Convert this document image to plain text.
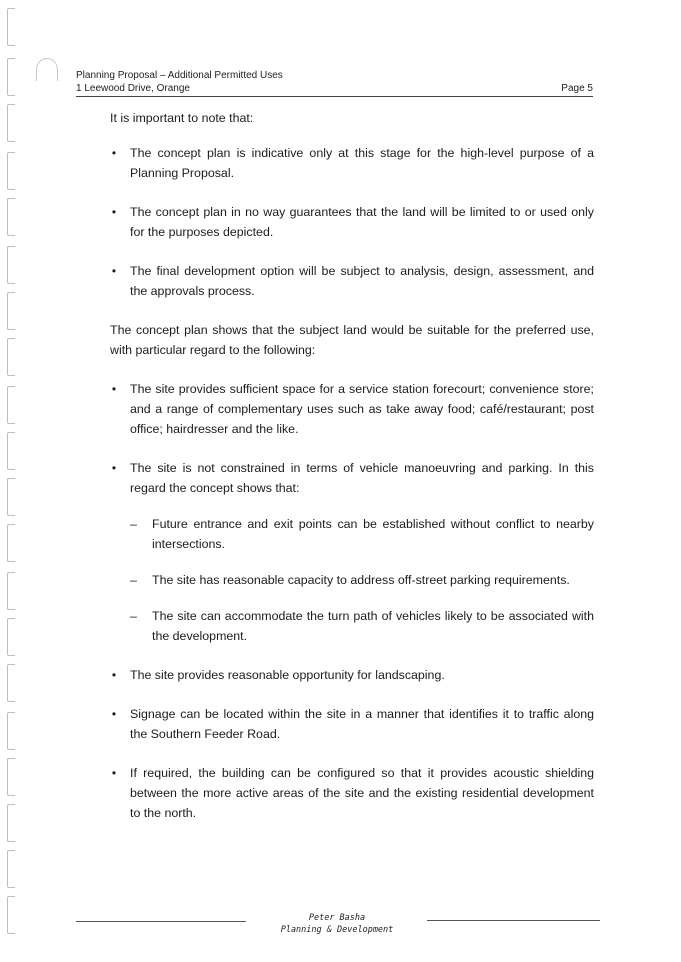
Planning Proposal – Additional Permitted Uses
1 Leewood Drive, Orange	Page 5

It is important to note that:

• The concept plan is indicative only at this stage for the high-level purpose of a Planning Proposal.
• The concept plan in no way guarantees that the land will be limited to or used only for the purposes depicted.
• The final development option will be subject to analysis, design, assessment, and the approvals process.

The concept plan shows that the subject land would be suitable for the preferred use, with particular regard to the following:

• The site provides sufficient space for a service station forecourt; convenience store; and a range of complementary uses such as take away food; café/restaurant; post office; hairdresser and the like.
• The site is not constrained in terms of vehicle manoeuvring and parking. In this regard the concept shows that:
– Future entrance and exit points can be established without conflict to nearby intersections.
– The site has reasonable capacity to address off-street parking requirements.
– The site can accommodate the turn path of vehicles likely to be associated with the development.
• The site provides reasonable opportunity for landscaping.
• Signage can be located within the site in a manner that identifies it to traffic along the Southern Feeder Road.
• If required, the building can be configured so that it provides acoustic shielding between the more active areas of the site and the existing residential development to the north.
Peter Basha
Planning & Development
